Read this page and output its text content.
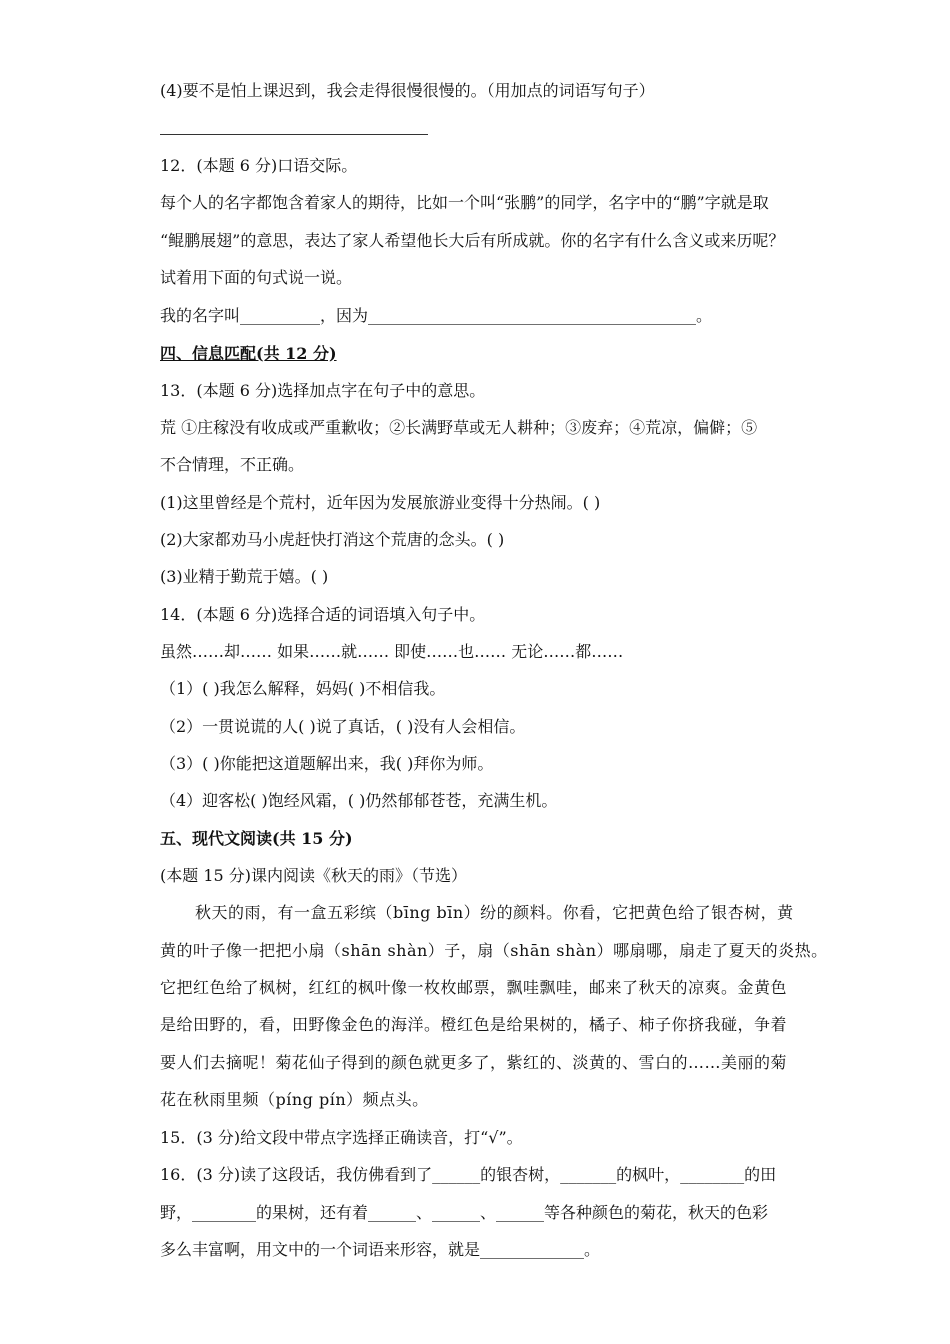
(4)要不是怕上课迟到，我会走得很慢很慢的。（用加点的词语写句子）
12．(本题 6 分)口语交际。
每个人的名字都饱含着家人的期待，比如一个叫“张鹏”的同学，名字中的“鹏”字就是取
“鲲鹏展翅”的意思，表达了家人希望他长大后有所成就。你的名字有什么含义或来历呢？
试着用下面的句式说一说。
我的名字叫__________，因为_________________________________________。
四、信息匹配(共 12 分)
13．(本题 6 分)选择加点字在句子中的意思。
荒 ①庄稼没有收成或严重歉收；②长满野草或无人耕种；③废弃；④荒凉，偏僻；⑤
不合情理，不正确。
(1)这里曾经是个荒村，近年因为发展旅游业变得十分热闹。( )
(2)大家都劝马小虎赶快打消这个荒唐的念头。( )
(3)业精于勤荒于嬉。( )
14．(本题 6 分)选择合适的词语填入句子中。
虽然……却…… 如果……就…… 即使……也…… 无论……都……
（1）( )我怎么解释，妈妈( )不相信我。
（2）一贯说谎的人( )说了真话，( )没有人会相信。
（3）( )你能把这道题解出来，我( )拜你为师。
（4）迎客松( )饱经风霜，( )仍然郁郁苍苍，充满生机。
五、现代文阅读(共 15 分)
(本题 15 分)课内阅读《秋天的雨》（节选）
秋天的雨，有一盒五彩缤（bīng bīn）纷的颜料。你看，它把黄色给了银杏树，黄
黄的叶子像一把把小扇（shān shàn）子，扇（shān shàn）哪扇哪，扇走了夏天的炎热。
它把红色给了枫树，红红的枫叶像一枚枚邮票，飘哇飘哇，邮来了秋天的凉爽。金黄色
是给田野的，看，田野像金色的海洋。橙红色是给果树的，橘子、柿子你挤我碰，争着
要人们去摘呢！菊花仙子得到的颜色就更多了，紫红的、淡黄的、雪白的……美丽的菊
花在秋雨里频（píng pín）频点头。
15．(3 分)给文段中带点字选择正确读音，打“√”。
16．(3 分)读了这段话，我仿佛看到了______的银杏树，_______的枫叶，________的田
野，________的果树，还有着______、______、______等各种颜色的菊花，秋天的色彩
多么丰富啊，用文中的一个词语来形容，就是_____________。
